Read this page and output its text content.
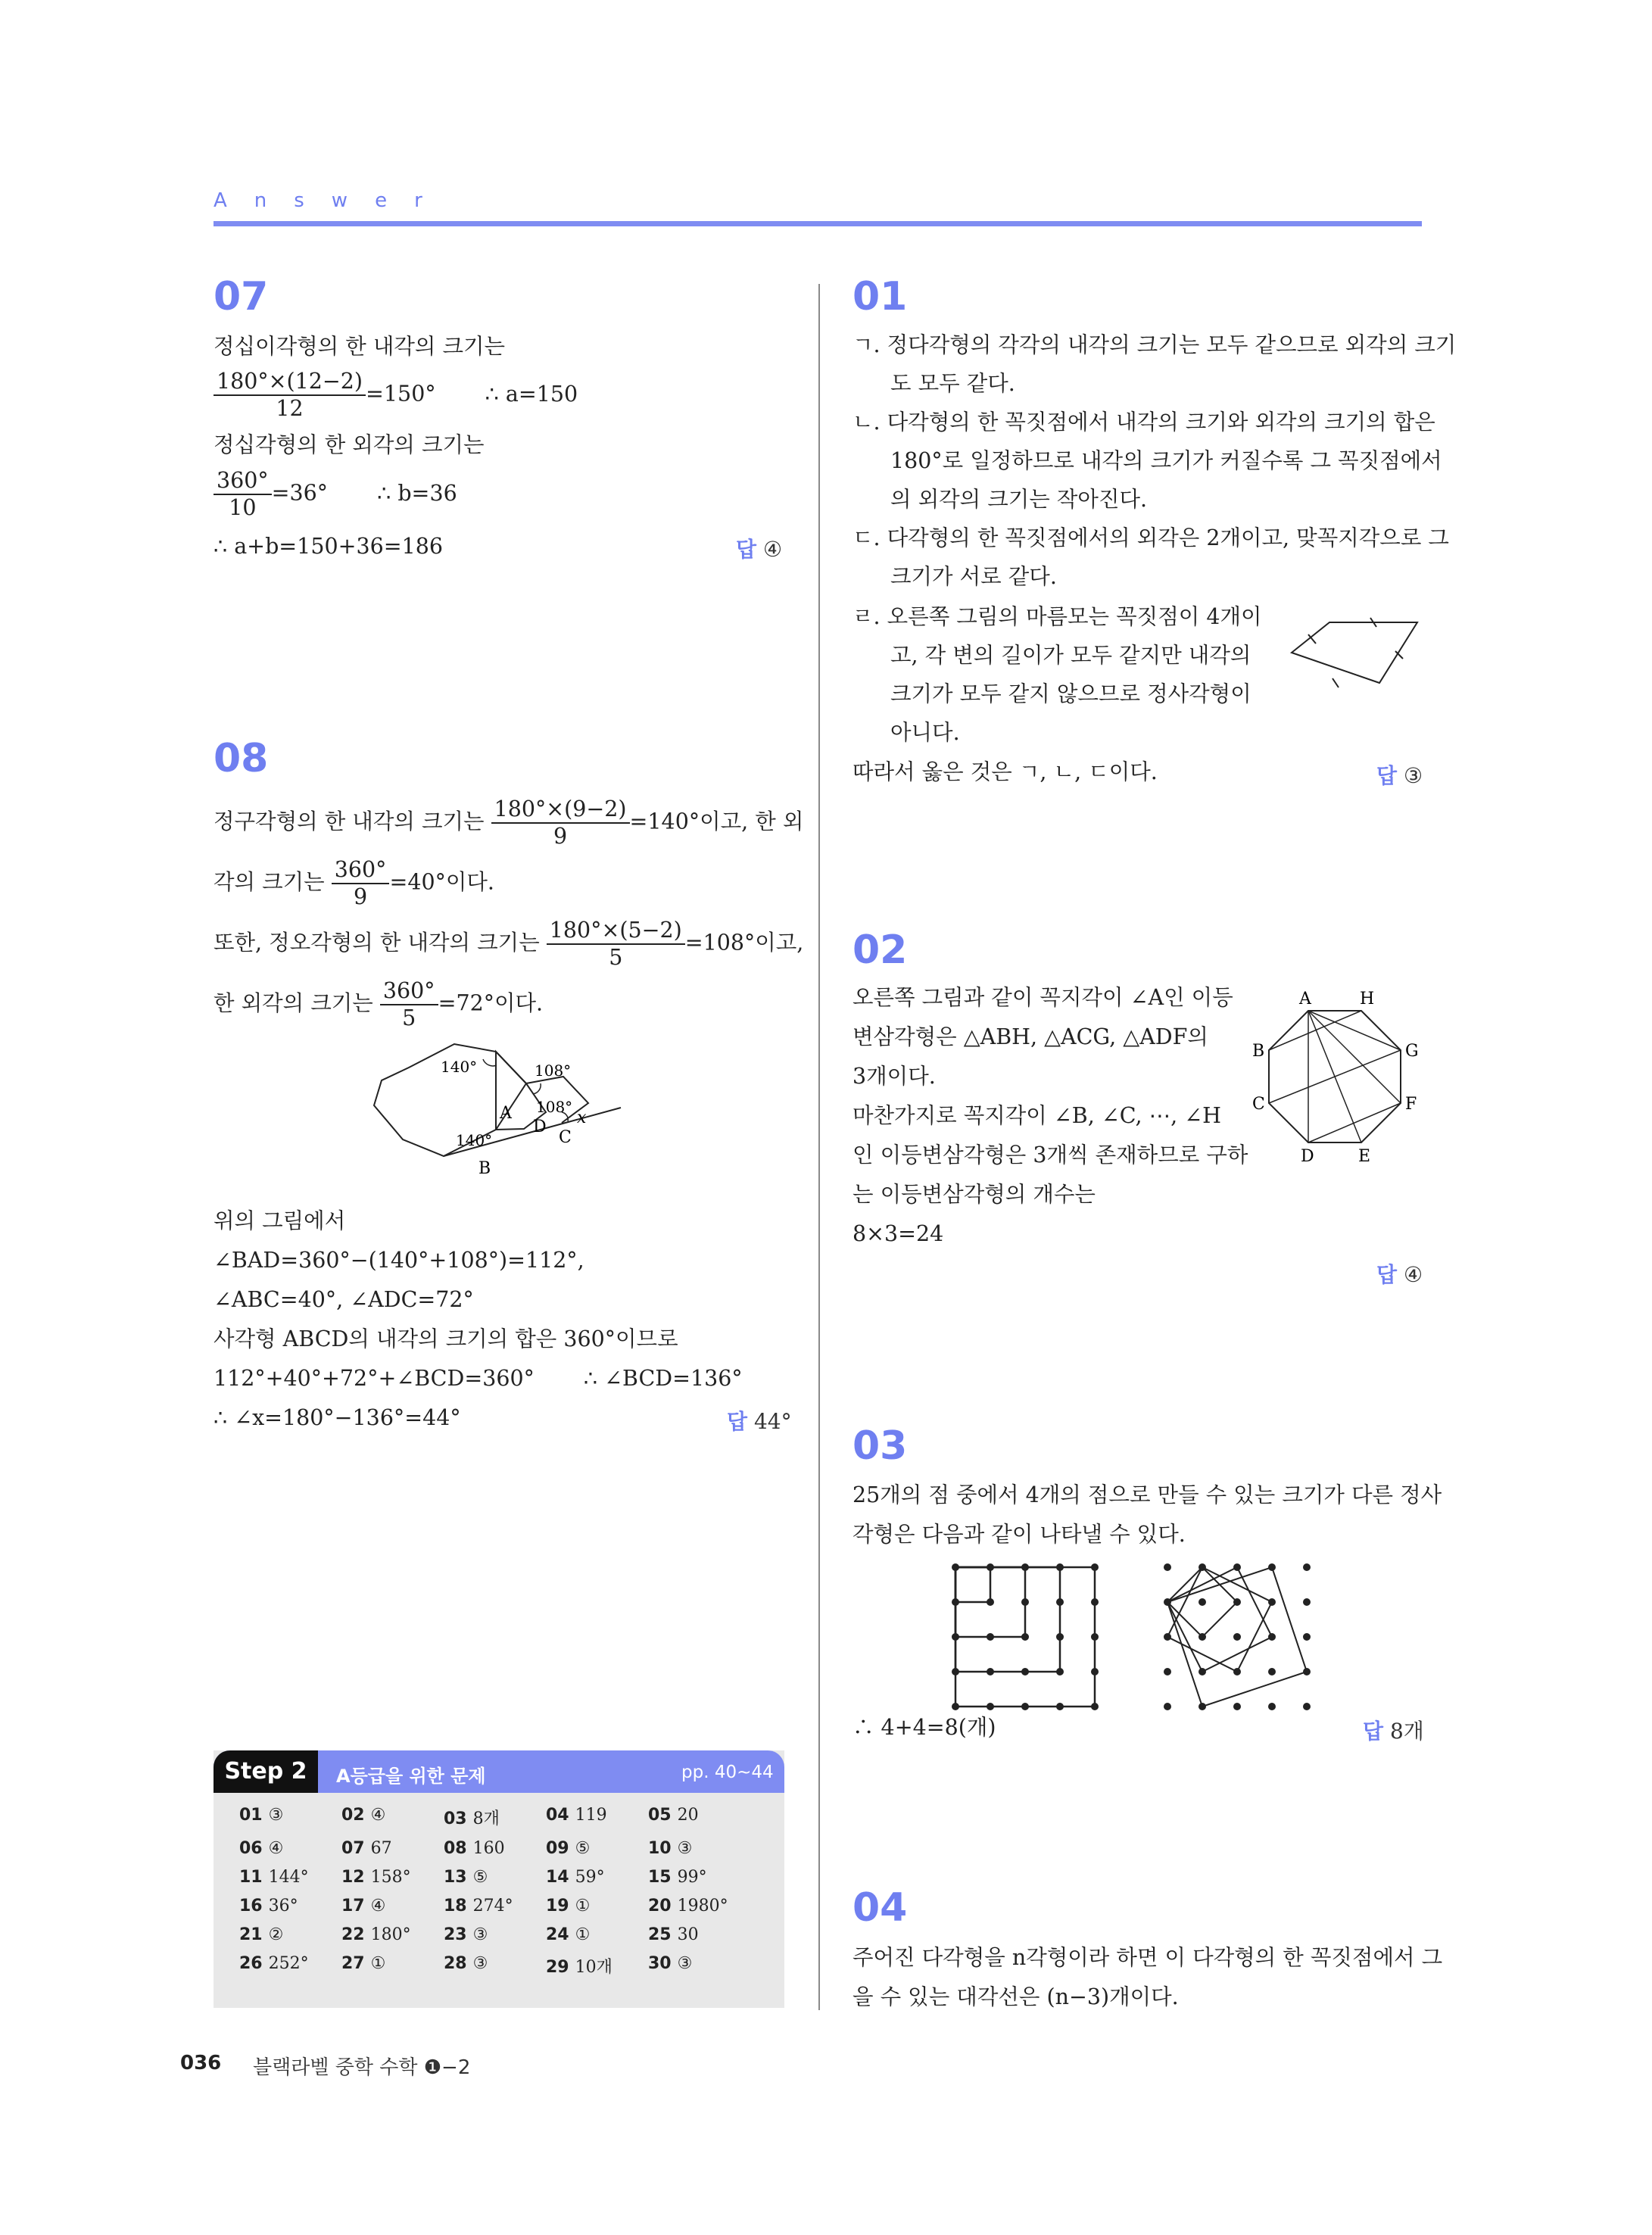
Answer
07
정십이각형의 한 내각의 크기는
$\frac{180^\circ\times(12-2)}{12} =150^\circ$ ∴ a=150
정십각형의 한 외각의 크기는
$\frac{360^\circ}{10} =36^\circ$ ∴ b=36
∴ a+b=150+36=186	답 ④
08
정구각형의 한 내각의 크기는 $\frac{180^\circ\times(9-2)}{9} =140^\circ$이고, 한 외
각의 크기는 $\frac{360^\circ}{9} =40^\circ$이다.
또한, 정오각형의 한 내각의 크기는 $\frac{180^\circ\times(5-2)}{5} =108^\circ$이고,
한 외각의 크기는 $\frac{360^\circ}{5} =72^\circ$이다.
140°	108°
108°
140°
A
B
C
D x
위의 그림에서
∠BAD=360°−(140°+108°)=112°,
∠ABC=40°, ∠ADC=72°
사각형 ABCD의 내각의 크기의 합은 360°이므로
112°+40°+72°+∠BCD=360° ∴ ∠BCD=136°
∴ ∠x=180°−136°=44°	답 44°
Step 2	A등급을 위한 문제	pp. 40∼44
01 ③	02 ④	03 8개	04 119	05 20
06 ④	07 67	08 160	09 ⑤	10 ③
11 144°	12 158°	13 ⑤	14 59°	15 99°
16 36°	17 ④	18 274°	19 ①	20 1980°
21 ②	22 180°	23 ③	24 ①	25 30
26 252°	27 ①	28 ③	29 10개	30 ③
01
ㄱ. 정다각형의 각각의 내각의 크기는 모두 같으므로 외각의 크기도 모두 같다.
ㄴ. 다각형의 한 꼭짓점에서 내각의 크기와 외각의 크기의 합은 180°로 일정하므로 내각의 크기가 커질수록 그 꼭짓점에서의 외각의 크기는 작아진다.
ㄷ. 다각형의 한 꼭짓점에서의 외각은 2개이고, 맞꼭지각으로 그 크기가 서로 같다.
ㄹ. 오른쪽 그림의 마름모는 꼭짓점이 4개이
고, 각 변의 길이가 모두 같지만 내각의
크기가 모두 같지 않으므로 정사각형이
아니다.
따라서 옳은 것은 ㄱ, ㄴ, ㄷ이다.	답 ③
02
오른쪽 그림과 같이 꼭지각이 ∠A인 이등
변삼각형은 △ABH, △ACG, △ADF의
3개이다.
마찬가지로 꼭지각이 ∠B, ∠C, ⋯, ∠H
인 이등변삼각형은 3개씩 존재하므로 구하
는 이등변삼각형의 개수는
8×3=24
A	H
B	G
C	F
D	E
답 ④
03
25개의 점 중에서 4개의 점으로 만들 수 있는 크기가 다른 정사
각형은 다음과 같이 나타낼 수 있다.
∴ 4+4=8(개)	답 8개
04
주어진 다각형을 n각형이라 하면 이 다각형의 한 꼭짓점에서 그
을 수 있는 대각선은 (n−3)개이다.
036 블랙라벨 중학 수학 ❶−2
